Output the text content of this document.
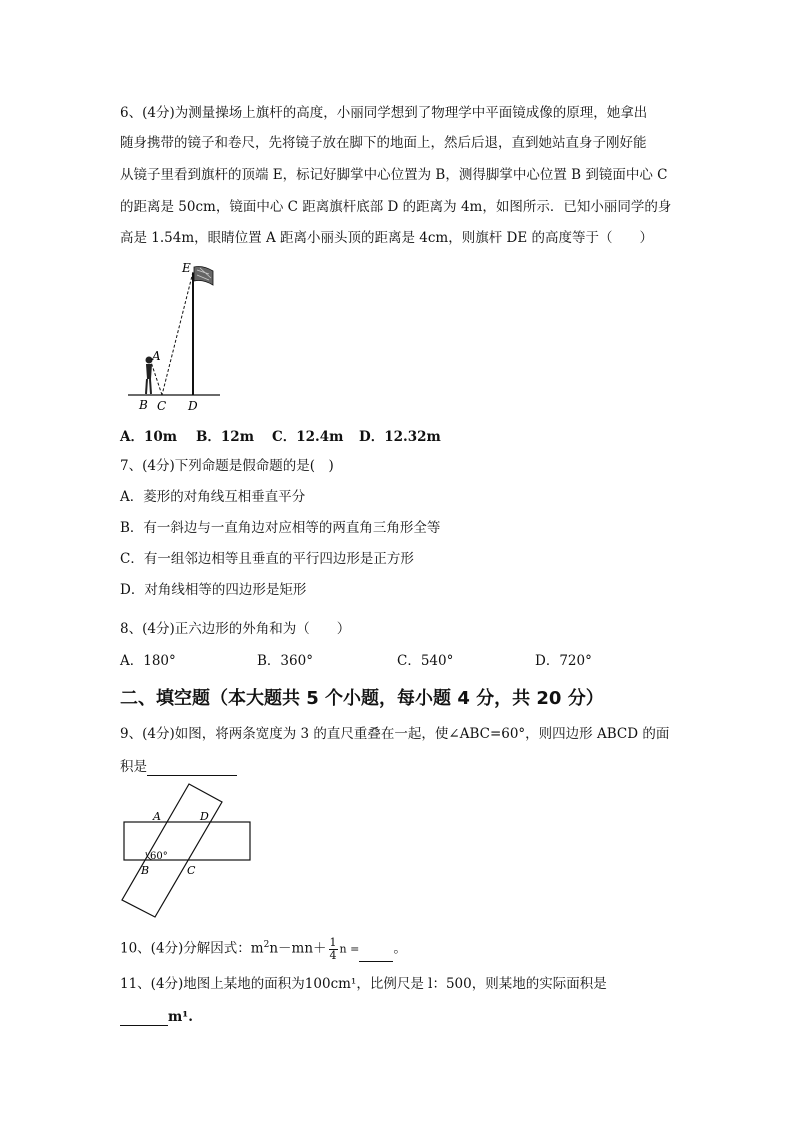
6、(4分)为测量操场上旗杆的高度，小丽同学想到了物理学中平面镜成像的原理，她拿出
随身携带的镜子和卷尺，先将镜子放在脚下的地面上，然后后退，直到她站直身子刚好能
从镜子里看到旗杆的顶端 E，标记好脚掌中心位置为 B，测得脚掌中心位置 B 到镜面中心 C
的距离是 50cm，镜面中心 C 距离旗杆底部 D 的距离为 4m，如图所示．已知小丽同学的身
高是 1.54m，眼睛位置 A 距离小丽头顶的距离是 4cm，则旗杆 DE 的高度等于（　　）
E
A
B C D
A．10m B．12m C．12.4m D．12.32m
7、(4分)下列命题是假命题的是(　)
A．菱形的对角线互相垂直平分
B．有一斜边与一直角边对应相等的两直角三角形全等
C．有一组邻边相等且垂直的平行四边形是正方形
D．对角线相等的四边形是矩形
8、(4分)正六边形的外角和为（　　）
A．180°	B．360°	C．540°	D．720°
二、填空题（本大题共 5 个小题，每小题 4 分，共 20 分）
9、(4分)如图，将两条宽度为 3 的直尺重叠在一起，使∠ABC=60°，则四边形 ABCD 的面
积是
A	D
B	C
60°
10、(4分)分解因式：$m^2n-mn+ \frac{1}{4}$ n =	。
11、(4分)地图上某地的面积为100cm¹，比例尺是 l：500，则某地的实际面积是
m¹.
